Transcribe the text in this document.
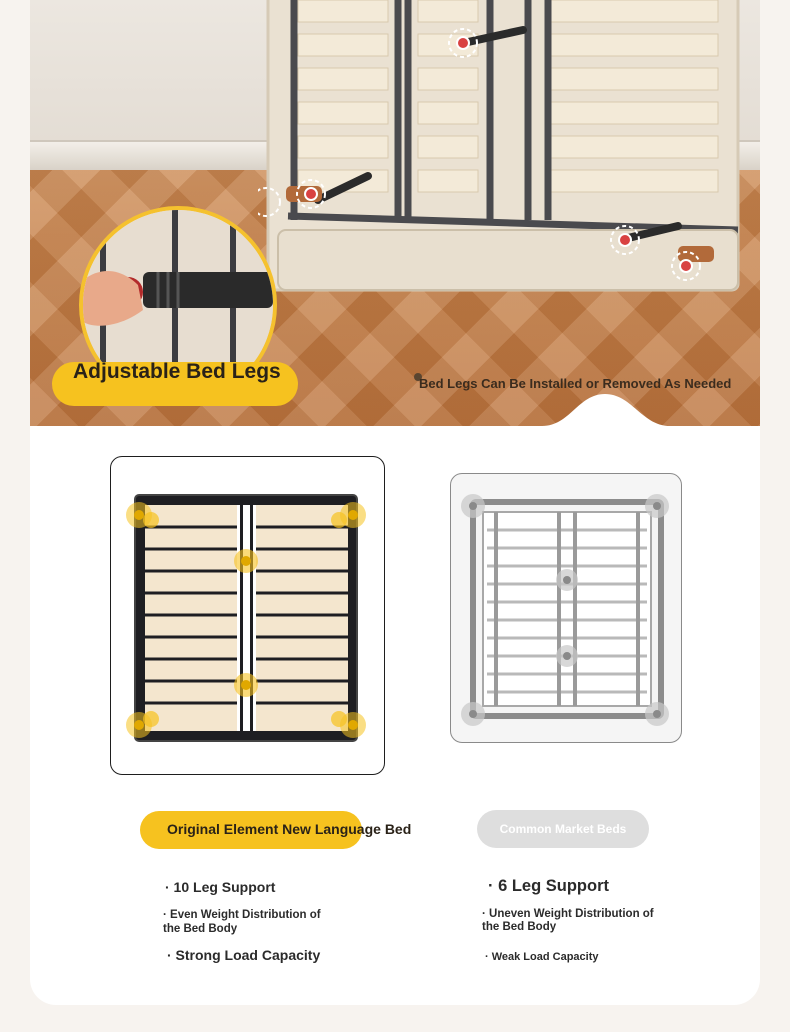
Adjustable Bed Legs
Bed Legs Can Be Installed or Removed As Needed
Original Element New Language Bed	Common Market Beds
· 10 Leg Support
· Even Weight Distribution of the Bed Body
· Strong Load Capacity
· 6 Leg Support
· Uneven Weight Distribution of the Bed Body
· Weak Load Capacity
